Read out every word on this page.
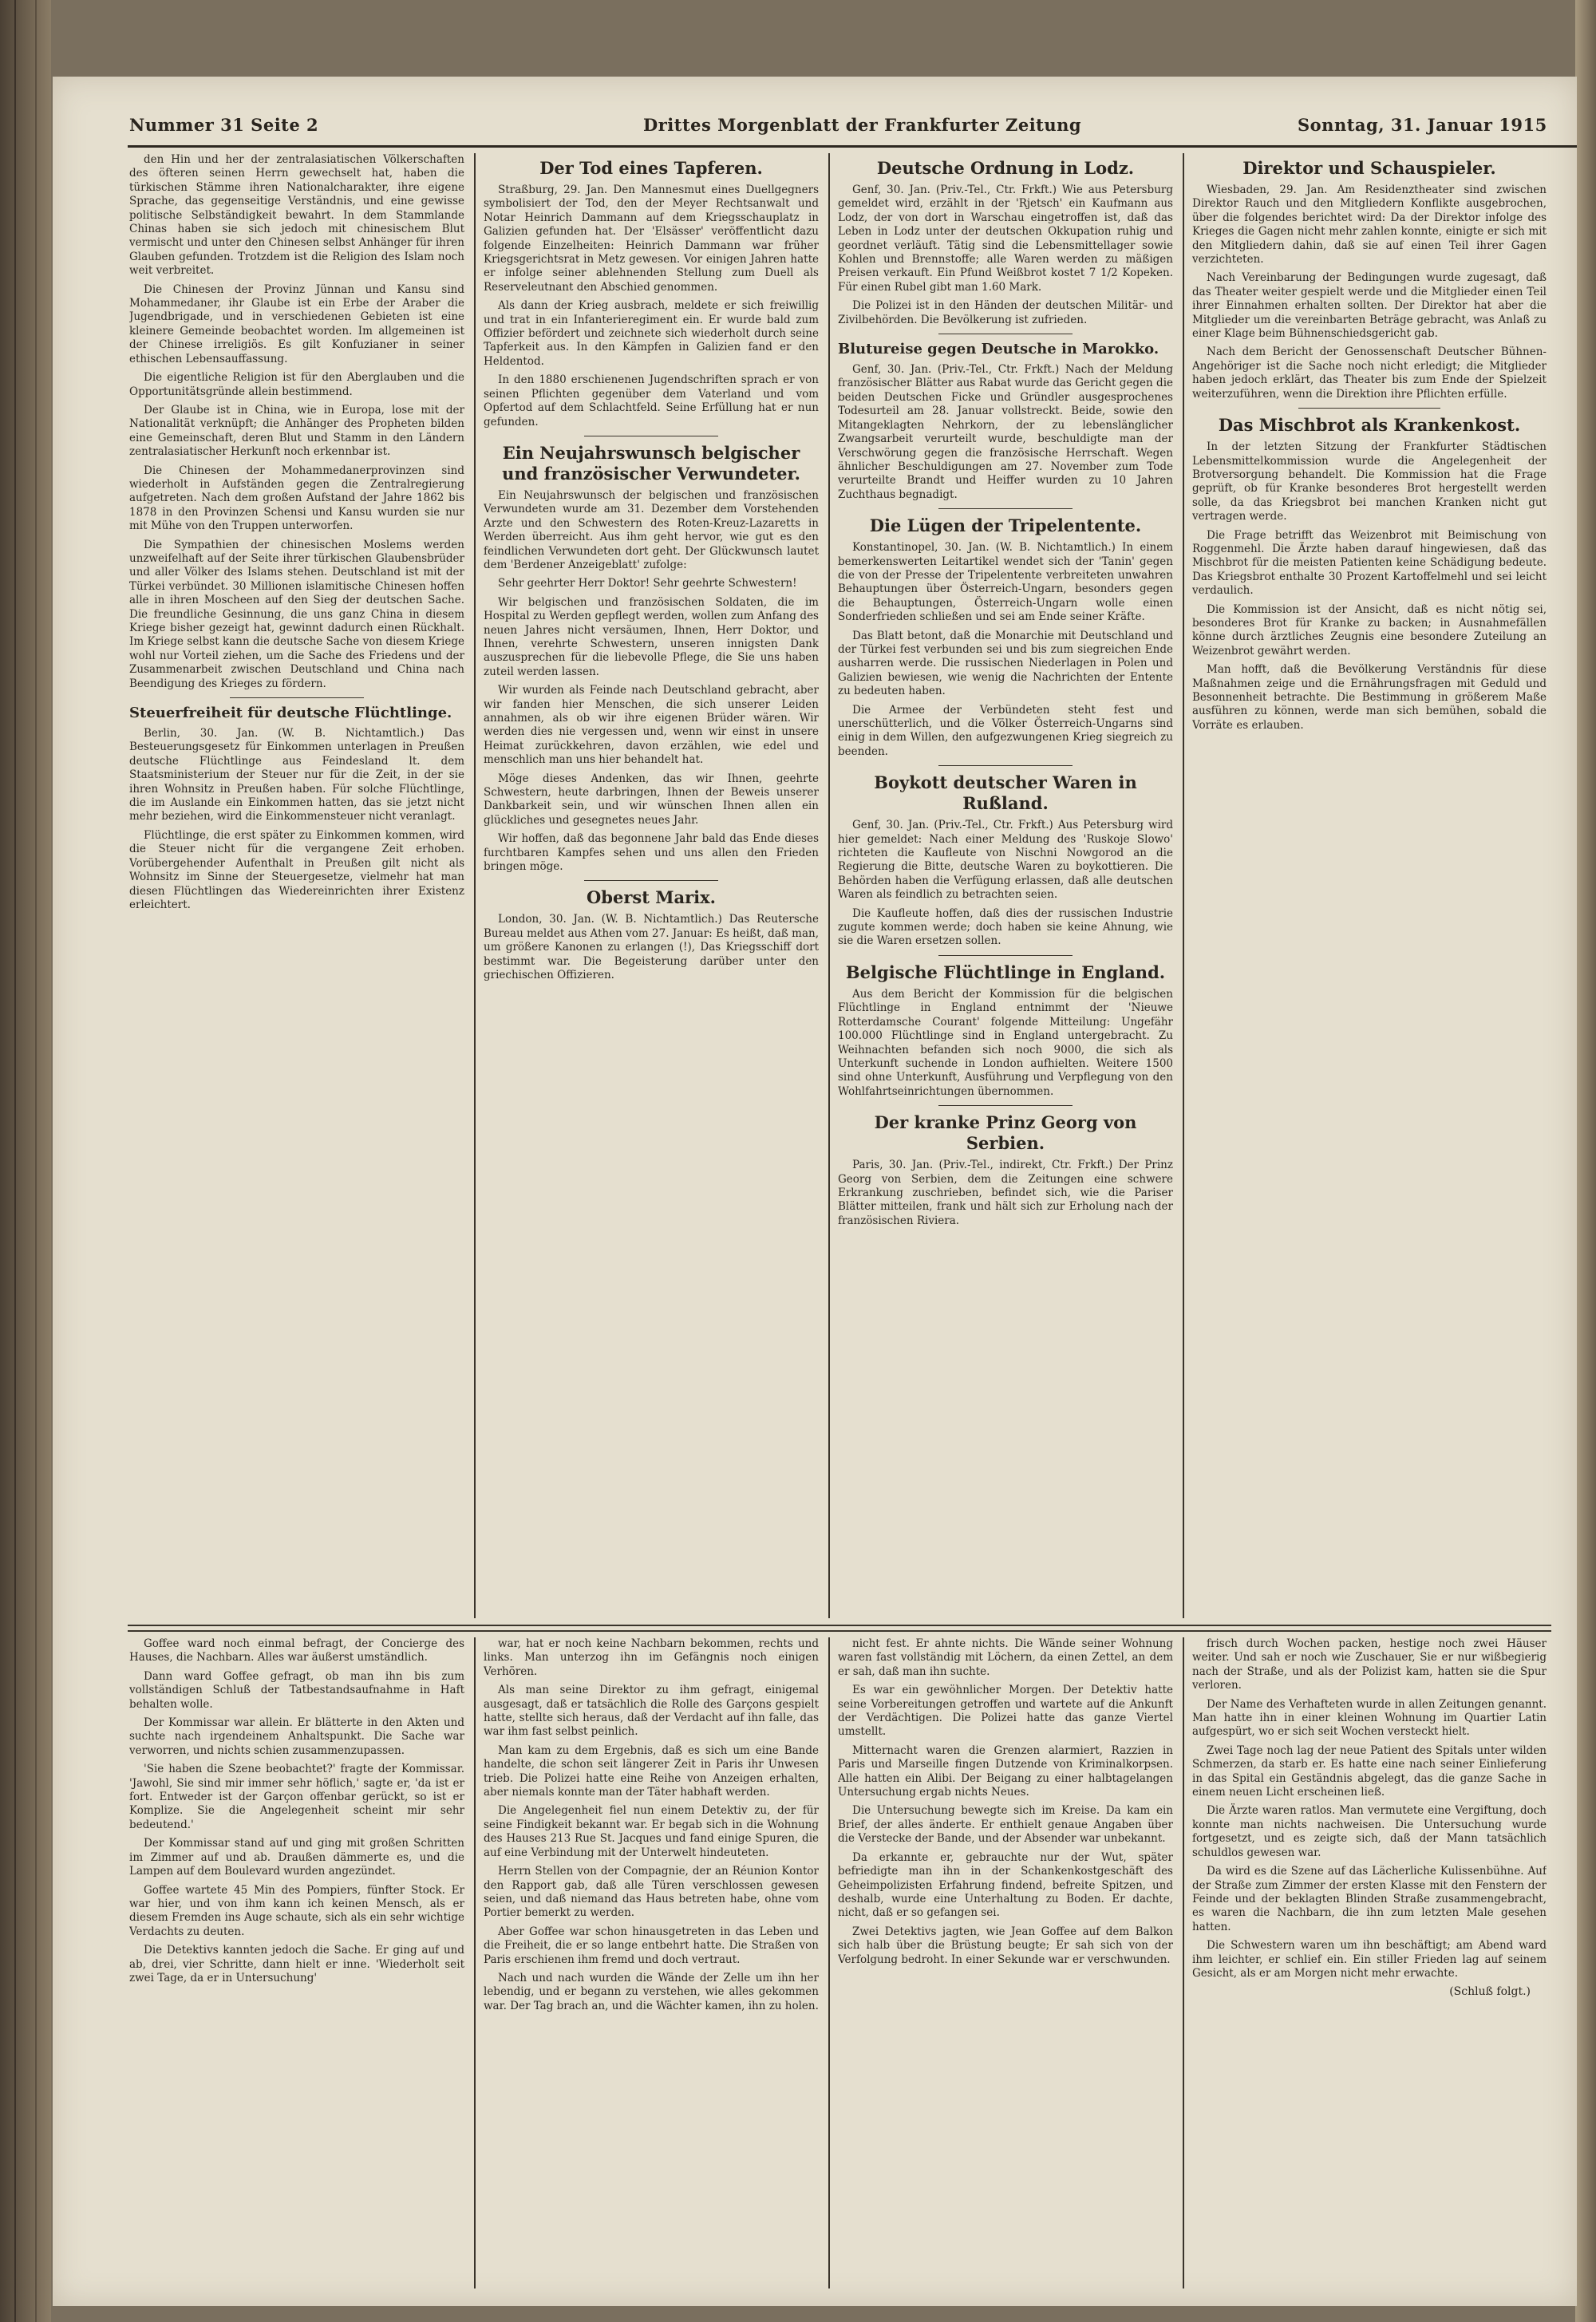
Nummer 31 Seite 2	Drittes Morgenblatt der Frankfurter Zeitung	Sonntag, 31. Januar 1915

den Hin und her der zentralasiatischen Völkerschaften des öfteren seinen Herrn gewechselt hat, haben die türkischen Stämme ihren Nationalcharakter, ihre eigene Sprache, das gegenseitige Verständnis, und eine gewisse politische Selbständigkeit bewahrt. In dem Stammlande Chinas haben sie sich jedoch mit chinesischem Blut vermischt und unter den Chinesen selbst Anhänger für ihren Glauben gefunden. Trotzdem ist die Religion des Islam noch weit verbreitet.

Die Chinesen der Provinz Jünnan und Kansu sind Mohammedaner, ihr Glaube ist ein Erbe der Araber die Jugendbrigade, und in verschiedenen Gebieten ist eine kleinere Gemeinde beobachtet worden. Im allgemeinen ist der Chinese irreligiös. Es gilt Konfuzianer in seiner ethischen Lebensauffassung.

Die eigentliche Religion ist für den Aberglauben und die Opportunitätsgründe allein bestimmend.

Der Glaube ist in China, wie in Europa, lose mit der Nationalität verknüpft; die Anhänger des Propheten bilden eine Gemeinschaft, deren Blut und Stamm in den Ländern zentralasiatischer Herkunft noch erkennbar ist.

Die Chinesen der Mohammedanerprovinzen sind wiederholt in Aufständen gegen die Zentralregierung aufgetreten. Nach dem großen Aufstand der Jahre 1862 bis 1878 in den Provinzen Schensi und Kansu wurden sie nur mit Mühe von den Truppen unterworfen.

Die Sympathien der chinesischen Moslems werden unzweifelhaft auf der Seite ihrer türkischen Glaubensbrüder und aller Völker des Islams stehen. Deutschland ist mit der Türkei verbündet. 30 Millionen islamitische Chinesen hoffen alle in ihren Moscheen auf den Sieg der deutschen Sache. Die freundliche Gesinnung, die uns ganz China in diesem Kriege bisher gezeigt hat, gewinnt dadurch einen Rückhalt. Im Kriege selbst kann die deutsche Sache von diesem Kriege wohl nur Vorteil ziehen, um die Sache des Friedens und der Zusammenarbeit zwischen Deutschland und China nach Beendigung des Krieges zu fördern.

Steuerfreiheit für deutsche Flüchtlinge.

Berlin, 30. Jan. (W. B. Nichtamtlich.) Das Besteuerungsgesetz für Einkommen unterlagen in Preußen deutsche Flüchtlinge aus Feindesland lt. dem Staatsministerium der Steuer nur für die Zeit, in der sie ihren Wohnsitz in Preußen haben. Für solche Flüchtlinge, die im Auslande ein Einkommen hatten, das sie jetzt nicht mehr beziehen, wird die Einkommensteuer nicht veranlagt.

Flüchtlinge, die erst später zu Einkommen kommen, wird die Steuer nicht für die vergangene Zeit erhoben. Vorübergehender Aufenthalt in Preußen gilt nicht als Wohnsitz im Sinne der Steuergesetze, vielmehr hat man diesen Flüchtlingen das Wiedereinrichten ihrer Existenz erleichtert.

Der Tod eines Tapferen.

Straßburg, 29. Jan. Den Mannesmut eines Duellgegners symbolisiert der Tod, den der Meyer Rechtsanwalt und Notar Heinrich Dammann auf dem Kriegsschauplatz in Galizien gefunden hat. Der 'Elsässer' veröffentlicht dazu folgende Einzelheiten: Heinrich Dammann war früher Kriegsgerichtsrat in Metz gewesen. Vor einigen Jahren hatte er infolge seiner ablehnenden Stellung zum Duell als Reserveleutnant den Abschied genommen.

Als dann der Krieg ausbrach, meldete er sich freiwillig und trat in ein Infanterieregiment ein. Er wurde bald zum Offizier befördert und zeichnete sich wiederholt durch seine Tapferkeit aus. In den Kämpfen in Galizien fand er den Heldentod.

In den 1880 erschienenen Jugendschriften sprach er von seinen Pflichten gegenüber dem Vaterland und vom Opfertod auf dem Schlachtfeld. Seine Erfüllung hat er nun gefunden.

Ein Neujahrswunsch belgischer und französischer Verwundeter.

Ein Neujahrswunsch der belgischen und französischen Verwundeten wurde am 31. Dezember dem Vorstehenden Arzte und den Schwestern des Roten-Kreuz-Lazaretts in Werden überreicht. Aus ihm geht hervor, wie gut es den feindlichen Verwundeten dort geht. Der Glückwunsch lautet dem 'Berdener Anzeigeblatt' zufolge:

Sehr geehrter Herr Doktor! Sehr geehrte Schwestern!

Wir belgischen und französischen Soldaten, die im Hospital zu Werden gepflegt werden, wollen zum Anfang des neuen Jahres nicht versäumen, Ihnen, Herr Doktor, und Ihnen, verehrte Schwestern, unseren innigsten Dank auszusprechen für die liebevolle Pflege, die Sie uns haben zuteil werden lassen.

Wir wurden als Feinde nach Deutschland gebracht, aber wir fanden hier Menschen, die sich unserer Leiden annahmen, als ob wir ihre eigenen Brüder wären. Wir werden dies nie vergessen und, wenn wir einst in unsere Heimat zurückkehren, davon erzählen, wie edel und menschlich man uns hier behandelt hat.

Möge dieses Andenken, das wir Ihnen, geehrte Schwestern, heute darbringen, Ihnen der Beweis unserer Dankbarkeit sein, und wir wünschen Ihnen allen ein glückliches und gesegnetes neues Jahr.

Wir hoffen, daß das begonnene Jahr bald das Ende dieses furchtbaren Kampfes sehen und uns allen den Frieden bringen möge.

Oberst Marix.

London, 30. Jan. (W. B. Nichtamtlich.) Das Reutersche Bureau meldet aus Athen vom 27. Januar: Es heißt, daß man, um größere Kanonen zu erlangen (!), Das Kriegsschiff dort bestimmt war. Die Begeisterung darüber unter den griechischen Offizieren.

Deutsche Ordnung in Lodz.

Genf, 30. Jan. (Priv.-Tel., Ctr. Frkft.) Wie aus Petersburg gemeldet wird, erzählt in der 'Rjetsch' ein Kaufmann aus Lodz, der von dort in Warschau eingetroffen ist, daß das Leben in Lodz unter der deutschen Okkupation ruhig und geordnet verläuft. Tätig sind die Lebensmittellager sowie Kohlen und Brennstoffe; alle Waren werden zu mäßigen Preisen verkauft. Ein Pfund Weißbrot kostet 7 1/2 Kopeken. Für einen Rubel gibt man 1.60 Mark.

Die Polizei ist in den Händen der deutschen Militär- und Zivilbehörden. Die Bevölkerung ist zufrieden.

Blutureise gegen Deutsche in Marokko.

Genf, 30. Jan. (Priv.-Tel., Ctr. Frkft.) Nach der Meldung französischer Blätter aus Rabat wurde das Gericht gegen die beiden Deutschen Ficke und Gründler ausgesprochenes Todesurteil am 28. Januar vollstreckt. Beide, sowie den Mitangeklagten Nehrkorn, der zu lebenslänglicher Zwangsarbeit verurteilt wurde, beschuldigte man der Verschwörung gegen die französische Herrschaft. Wegen ähnlicher Beschuldigungen am 27. November zum Tode verurteilte Brandt und Heiffer wurden zu 10 Jahren Zuchthaus begnadigt.

Die Lügen der Tripelentente.

Konstantinopel, 30. Jan. (W. B. Nichtamtlich.) In einem bemerkenswerten Leitartikel wendet sich der 'Tanin' gegen die von der Presse der Tripelentente verbreiteten unwahren Behauptungen über Österreich-Ungarn, besonders gegen die Behauptungen, Österreich-Ungarn wolle einen Sonderfrieden schließen und sei am Ende seiner Kräfte.

Das Blatt betont, daß die Monarchie mit Deutschland und der Türkei fest verbunden sei und bis zum siegreichen Ende ausharren werde. Die russischen Niederlagen in Polen und Galizien bewiesen, wie wenig die Nachrichten der Entente zu bedeuten haben.

Die Armee der Verbündeten steht fest und unerschütterlich, und die Völker Österreich-Ungarns sind einig in dem Willen, den aufgezwungenen Krieg siegreich zu beenden.

Boykott deutscher Waren in Rußland.

Genf, 30. Jan. (Priv.-Tel., Ctr. Frkft.) Aus Petersburg wird hier gemeldet: Nach einer Meldung des 'Ruskoje Slowo' richteten die Kaufleute von Nischni Nowgorod an die Regierung die Bitte, deutsche Waren zu boykottieren. Die Behörden haben die Verfügung erlassen, daß alle deutschen Waren als feindlich zu betrachten seien.

Die Kaufleute hoffen, daß dies der russischen Industrie zugute kommen werde; doch haben sie keine Ahnung, wie sie die Waren ersetzen sollen.

Belgische Flüchtlinge in England.

Aus dem Bericht der Kommission für die belgischen Flüchtlinge in England entnimmt der 'Nieuwe Rotterdamsche Courant' folgende Mitteilung: Ungefähr 100.000 Flüchtlinge sind in England untergebracht. Zu Weihnachten befanden sich noch 9000, die sich als Unterkunft suchende in London aufhielten. Weitere 1500 sind ohne Unterkunft, Ausführung und Verpflegung von den Wohlfahrtseinrichtungen übernommen.

Der kranke Prinz Georg von Serbien.

Paris, 30. Jan. (Priv.-Tel., indirekt, Ctr. Frkft.) Der Prinz Georg von Serbien, dem die Zeitungen eine schwere Erkrankung zuschrieben, befindet sich, wie die Pariser Blätter mitteilen, frank und hält sich zur Erholung nach der französischen Riviera.

Direktor und Schauspieler.

Wiesbaden, 29. Jan. Am Residenztheater sind zwischen Direktor Rauch und den Mitgliedern Konflikte ausgebrochen, über die folgendes berichtet wird: Da der Direktor infolge des Krieges die Gagen nicht mehr zahlen konnte, einigte er sich mit den Mitgliedern dahin, daß sie auf einen Teil ihrer Gagen verzichteten.

Nach Vereinbarung der Bedingungen wurde zugesagt, daß das Theater weiter gespielt werde und die Mitglieder einen Teil ihrer Einnahmen erhalten sollten. Der Direktor hat aber die Mitglieder um die vereinbarten Beträge gebracht, was Anlaß zu einer Klage beim Bühnenschiedsgericht gab.

Nach dem Bericht der Genossenschaft Deutscher Bühnen-Angehöriger ist die Sache noch nicht erledigt; die Mitglieder haben jedoch erklärt, das Theater bis zum Ende der Spielzeit weiterzuführen, wenn die Direktion ihre Pflichten erfülle.

Das Mischbrot als Krankenkost.

In der letzten Sitzung der Frankfurter Städtischen Lebensmittelkommission wurde die Angelegenheit der Brotversorgung behandelt. Die Kommission hat die Frage geprüft, ob für Kranke besonderes Brot hergestellt werden solle, da das Kriegsbrot bei manchen Kranken nicht gut vertragen werde.

Die Frage betrifft das Weizenbrot mit Beimischung von Roggenmehl. Die Ärzte haben darauf hingewiesen, daß das Mischbrot für die meisten Patienten keine Schädigung bedeute. Das Kriegsbrot enthalte 30 Prozent Kartoffelmehl und sei leicht verdaulich.

Die Kommission ist der Ansicht, daß es nicht nötig sei, besonderes Brot für Kranke zu backen; in Ausnahmefällen könne durch ärztliches Zeugnis eine besondere Zuteilung an Weizenbrot gewährt werden.

Man hofft, daß die Bevölkerung Verständnis für diese Maßnahmen zeige und die Ernährungsfragen mit Geduld und Besonnenheit betrachte. Die Bestimmung in größerem Maße ausführen zu können, werde man sich bemühen, sobald die Vorräte es erlauben.

Goffee ward noch einmal befragt, der Concierge des Hauses, die Nachbarn. Alles war äußerst umständlich.

Dann ward Goffee gefragt, ob man ihn bis zum vollständigen Schluß der Tatbestandsaufnahme in Haft behalten wolle.

Der Kommissar war allein. Er blätterte in den Akten und suchte nach irgendeinem Anhaltspunkt. Die Sache war verworren, und nichts schien zusammenzupassen.

'Sie haben die Szene beobachtet?' fragte der Kommissar. 'Jawohl, Sie sind mir immer sehr höflich,' sagte er, 'da ist er fort. Entweder ist der Garçon offenbar gerückt, so ist er Komplize. Sie die Angelegenheit scheint mir sehr bedeutend.'

Der Kommissar stand auf und ging mit großen Schritten im Zimmer auf und ab. Draußen dämmerte es, und die Lampen auf dem Boulevard wurden angezündet.

Goffee wartete 45 Min des Pompiers, fünfter Stock. Er war hier, und von ihm kann ich keinen Mensch, als er diesem Fremden ins Auge schaute, sich als ein sehr wichtige Verdachts zu deuten.

Die Detektivs kannten jedoch die Sache. Er ging auf und ab, drei, vier Schritte, dann hielt er inne. 'Wiederholt seit zwei Tage, da er in Untersuchung'

war, hat er noch keine Nachbarn bekommen, rechts und links. Man unterzog ihn im Gefängnis noch einigen Verhören.

Als man seine Direktor zu ihm gefragt, einigemal ausgesagt, daß er tatsächlich die Rolle des Garçons gespielt hatte, stellte sich heraus, daß der Verdacht auf ihn falle, das war ihm fast selbst peinlich.

Man kam zu dem Ergebnis, daß es sich um eine Bande handelte, die schon seit längerer Zeit in Paris ihr Unwesen trieb. Die Polizei hatte eine Reihe von Anzeigen erhalten, aber niemals konnte man der Täter habhaft werden.

Die Angelegenheit fiel nun einem Detektiv zu, der für seine Findigkeit bekannt war. Er begab sich in die Wohnung des Hauses 213 Rue St. Jacques und fand einige Spuren, die auf eine Verbindung mit der Unterwelt hindeuteten.

Herrn Stellen von der Compagnie, der an Réunion Kontor den Rapport gab, daß alle Türen verschlossen gewesen seien, und daß niemand das Haus betreten habe, ohne vom Portier bemerkt zu werden.

Aber Goffee war schon hinausgetreten in das Leben und die Freiheit, die er so lange entbehrt hatte. Die Straßen von Paris erschienen ihm fremd und doch vertraut.

Nach und nach wurden die Wände der Zelle um ihn her lebendig, und er begann zu verstehen, wie alles gekommen war. Der Tag brach an, und die Wächter kamen, ihn zu holen.

nicht fest. Er ahnte nichts. Die Wände seiner Wohnung waren fast vollständig mit Löchern, da einen Zettel, an dem er sah, daß man ihn suchte.

Es war ein gewöhnlicher Morgen. Der Detektiv hatte seine Vorbereitungen getroffen und wartete auf die Ankunft der Verdächtigen. Die Polizei hatte das ganze Viertel umstellt.

Mitternacht waren die Grenzen alarmiert, Razzien in Paris und Marseille fingen Dutzende von Kriminalkorpsen. Alle hatten ein Alibi. Der Beigang zu einer halbtagelangen Untersuchung ergab nichts Neues.

Die Untersuchung bewegte sich im Kreise. Da kam ein Brief, der alles änderte. Er enthielt genaue Angaben über die Verstecke der Bande, und der Absender war unbekannt.

Da erkannte er, gebrauchte nur der Wut, später befriedigte man ihn in der Schankenkostgeschäft des Geheimpolizisten Erfahrung findend, befreite Spitzen, und deshalb, wurde eine Unterhaltung zu Boden. Er dachte, nicht, daß er so gefangen sei.

Zwei Detektivs jagten, wie Jean Goffee auf dem Balkon sich halb über die Brüstung beugte; Er sah sich von der Verfolgung bedroht. In einer Sekunde war er verschwunden.

frisch durch Wochen packen, hestige noch zwei Häuser weiter. Und sah er noch wie Zuschauer, Sie er nur wißbegierig nach der Straße, und als der Polizist kam, hatten sie die Spur verloren.

Der Name des Verhafteten wurde in allen Zeitungen genannt. Man hatte ihn in einer kleinen Wohnung im Quartier Latin aufgespürt, wo er sich seit Wochen versteckt hielt.

Zwei Tage noch lag der neue Patient des Spitals unter wilden Schmerzen, da starb er. Es hatte eine nach seiner Einlieferung in das Spital ein Geständnis abgelegt, das die ganze Sache in einem neuen Licht erscheinen ließ.

Die Ärzte waren ratlos. Man vermutete eine Vergiftung, doch konnte man nichts nachweisen. Die Untersuchung wurde fortgesetzt, und es zeigte sich, daß der Mann tatsächlich schuldlos gewesen war.

Da wird es die Szene auf das Lächerliche Kulissenbühne. Auf der Straße zum Zimmer der ersten Klasse mit den Fenstern der Feinde und der beklagten Blinden Straße zusammengebracht, es waren die Nachbarn, die ihn zum letzten Male gesehen hatten.

Die Schwestern waren um ihn beschäftigt; am Abend ward ihm leichter, er schlief ein. Ein stiller Frieden lag auf seinem Gesicht, als er am Morgen nicht mehr erwachte.

(Schluß folgt.)
